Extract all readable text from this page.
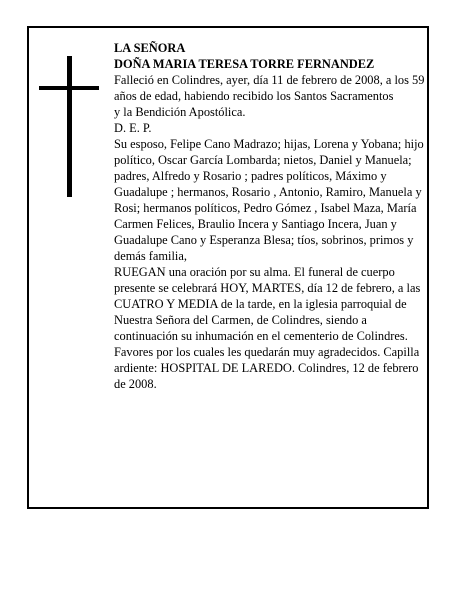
LA SEÑORA

DOÑA MARIA TERESA TORRE FERNANDEZ

Falleció en Colindres, ayer, día 11 de febrero de 2008, a los 59 años de edad, habiendo recibido los Santos Sacramentos

y la Bendición Apostólica.

D. E. P.

Su esposo, Felipe Cano Madrazo; hijas, Lorena y Yobana; hijo político, Oscar García Lombarda; nietos, Daniel y Manuela; padres, Alfredo y Rosario ; padres políticos, Máximo y Guadalupe ; hermanos, Rosario , Antonio, Ramiro, Manuela y Rosi; hermanos políticos, Pedro Gómez , Isabel Maza, María Carmen Felices, Braulio Incera y Santiago Incera, Juan y Guadalupe Cano y Esperanza Blesa; tíos, sobrinos, primos y demás familia,

RUEGAN una oración por su alma. El funeral de cuerpo presente se celebrará HOY, MARTES, día 12 de febrero, a las CUATRO Y MEDIA de la tarde, en la iglesia parroquial de Nuestra Señora del Carmen, de Colindres, siendo a continuación su inhumación en el cementerio de Colindres. Favores por los cuales les quedarán muy agradecidos. Capilla ardiente: HOSPITAL DE LAREDO. Colindres, 12 de febrero de 2008.
